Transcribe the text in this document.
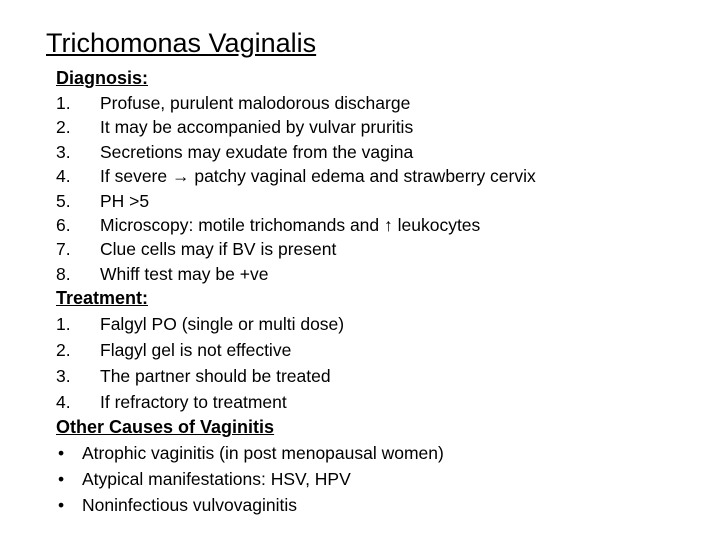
Trichomonas Vaginalis
Diagnosis:
1.	Profuse, purulent malodorous discharge
2.	It may be accompanied by vulvar pruritis
3.	Secretions may exudate from the vagina
4.	If severe → patchy vaginal edema and strawberry cervix
5.	PH >5
6.	Microscopy: motile trichomands and ↑ leukocytes
7.	Clue cells may if BV is present
8.	Whiff test may be +ve
Treatment:
1.	Falgyl PO (single or multi dose)
2.	Flagyl gel is not effective
3.	The partner should be treated
4.	If refractory to treatment
Other Causes of Vaginitis
•	Atrophic vaginitis (in post menopausal women)
•	Atypical manifestations: HSV, HPV
•	Noninfectious vulvovaginitis
